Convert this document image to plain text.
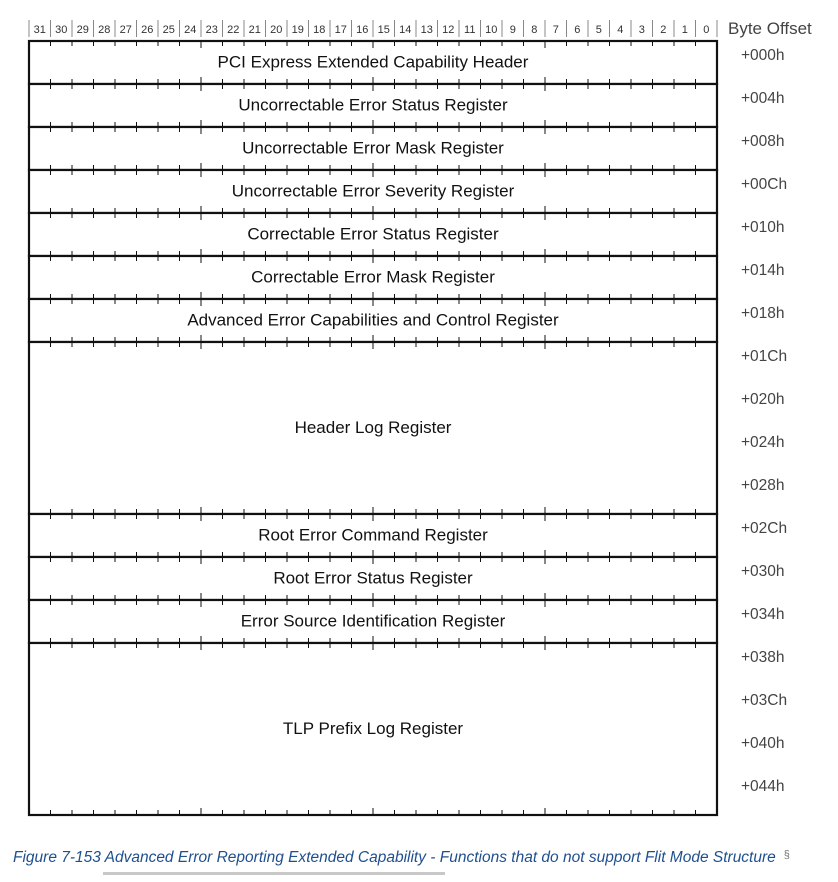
31 30 29 28 27 26 25 24 23 22 21 20 19 18 17 16 15 14 13 12 11 10 9 8 7 6 5 4 3 2 1 0 Byte Offset
PCI Express Extended Capability Header
Uncorrectable Error Status Register
Uncorrectable Error Mask Register
Uncorrectable Error Severity Register
Correctable Error Status Register
Correctable Error Mask Register
Advanced Error Capabilities and Control Register
Header Log Register
Root Error Command Register
Root Error Status Register
Error Source Identification Register
TLP Prefix Log Register
+000h
+004h
+008h
+00Ch
+010h
+014h
+018h
+01Ch
+020h
+024h
+028h
+02Ch
+030h
+034h
+038h
+03Ch
+040h
+044h
Figure 7-153 Advanced Error Reporting Extended Capability - Functions that do not support Flit Mode Structure §
